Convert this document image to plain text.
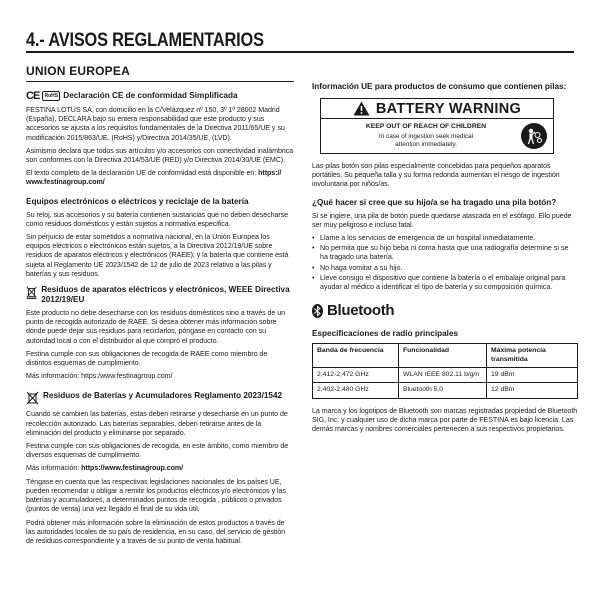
4.- AVISOS REGLAMENTARIOS
UNION EUROPEA
CE	RoHS Declaración CE de conformidad Simplificada

FESTINA LOTUS SA, con domicilio en la C/Velázquez nº 150, 3º 1ª 28002 Madrid (España), DECLARA bajo su entera responsabilidad que este producto y sus accesorios se ajusta a los requisitos fundamentales de la Directiva 2011/65/UE y su modificación 2015/863/UE. (RoHS) y/Directiva 2014/35/UE, (LVD).

Asimismo declara que todos sus artículos y/o accesorios con conectividad inalámbrica son conformes con la Directiva 2014/53/UE (RED) y/o Directiva 2014/30/UE (EMC).

El texto completo de la declaración UE de conformidad está disponible en: https:// www.festinagroup.com/

Equipos electrónicos o eléctricos y reciclaje de la batería

Su reloj, sus accesorios y su batería contienen sustancias que no deben desecharse como residuos domésticos y están sujetos a normativa especifica.

Sin perjuicio de estar sometidos a normativa nacional, en la Unión Europea los equipos eléctricos o electrónicos están sujetos, a la Directiva 2012/19/UE sobre residuos de aparatos eléctricos y electrónicos (RAEE); y la batería que contiene está sujeta al Reglamento UE 2023/1542 de 12 de julio de 2023 relativo a las pilas y baterías y sus residuos.

Residuos de aparatos eléctricos y electrónicos, WEEE Directiva 2012/19/EU

Este producto no debe desecharse con los residuos domésticos sino a través de un punto de recogida autorizado de RAEE. Si desea obtener más información sobre dónde puede dejar sus residuos para reciclarlos, póngase en contacto con su autoridad local o con el distribuidor al que compró el producto.

Festina cumple con sus obligaciones de recogida de RAEE como miembro de distintos esquemas de cumplimiento.

Más información: https:/www.festinagroup.com/

Residuos de Baterías y Acumuladores Reglamento 2023/1542

Cuando se cambien las baterías, estas deben retirarse y desecharse en un punto de recolección autorizado. Las baterías separables, deben retirarse antes de la eliminación del producto y eliminarse por separado.

Festina cumple con sus obligaciones de recogida, en este ámbito, como miembro de diversos esquemas de cumplimiento.

Más información: https://www.festinagroup.com/

Téngase en cuenta que las respectivas legislaciones nacionales de los países UE, pueden recomendar u obligar a remitir los productos eléctricos y/o electrónicos y las baterías y acumuladores, a determinados puntos de recogida , públicos o privados (puntos de venta) una vez llegado el final de su vida útil.

Podrá obtener más información sobre la eliminación de estos productos a través de las autoridades locales de su país de residencia, en su caso, del servicio de gestión de residuos correspondiente y a través de su punto de venta habitual.

Información UE para productos de consumo que contienen pilas:
BATTERY WARNING
KEEP OUT OF REACH OF CHILDREN
In case of ingestion seek medical
attention immediately.

Las pilas botón son pilas especialmente concebidas para pequeños aparatos portátiles. Su pequeña talla y su forma redonda aumentan el riesgo de ingestión involuntaria por niños/as.

¿Qué hacer si cree que su hijo/a se ha tragado una pila botón?

Si se ingiere, una pila de botón puede quedarse atascada en el esófago. Ello puede ser muy peligroso e incluso fatal.

• Llame a los servicios de emergencia de un hospital inmediatamente.
• No permita que su hijo beba ni coma hasta que una radiografía determine si se ha tragado una batería.
• No haga vomitar a su hijo.
• Lleve consigo el dispositivo que contiene la batería o el embalaje original para ayudar al médico a identificar el tipo de batería y su composición química.
Bluetooth
Especificaciones de radio principales
Banda de frecuencia	Funcionalidad	Máxima potencia transmitida
2,412-2,472 GHz	WLAN IEEE 802.11 b/g/n	19 dBm
2,402-2,480 GHz	Bluetooth 5.0	12 dBm

La marca y los logotipos de Bluetooth son marcas registradas propiedad de Bluetooth SIG, Inc. y cualquier uso de dicha marca por parte de FESTINA es bajo licencia. Las demás marcas y nombres comerciales pertenecen a sus respectivos propietarios.
